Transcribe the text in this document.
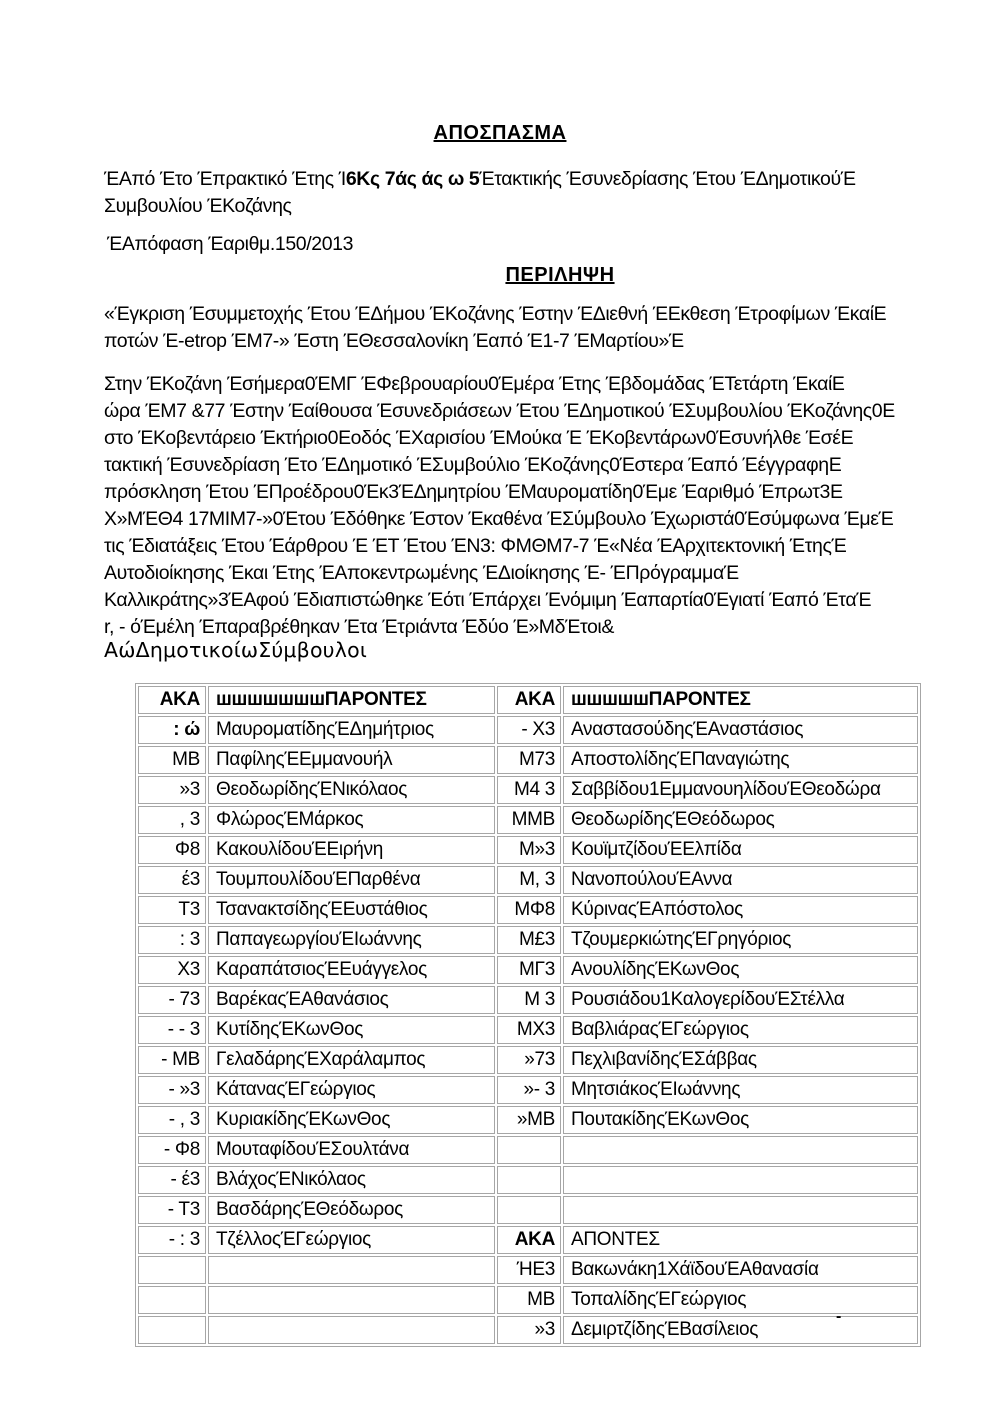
ΑΠΟΣΠΑΣΜΑ
ΈΑπό Έτο Έπρακτικό Έτης Ί6Κς 7άς άς ω 5Έτακτικής Έσυνεδρίασης Έτου ΈΔημοτικούΈ
Συμβουλίου ΈΚοζάνης
ΈΑπόφαση Έαριθμ.150/2013
ΠΕΡΙΛΗΨΗ
«Έγκριση Έσυμμετοχής Έτου ΈΔήμου ΈΚοζάνης Έστην ΈΔιεθνή ΈΕκθεση Έτροφίμων ΈκαίΕ
ποτών Έ-etrop ΈΜ7-» Έστη ΈΘεσσαλονίκη Έαπό Έ1-7 ΈΜαρτίου»Έ
Στην ΈΚοζάνη Έσήμερα0ΈΜΓ ΈΦεβρουαρίου0Έμέρα Έτης Έβδομάδας ΈΤετάρτη ΈκαίΕ
ώρα ΈΜ7 &77 Έστην Έαίθουσα Έσυνεδριάσεων Έτου ΈΔημοτικού ΈΣυμβουλίου ΈΚοζάνης0Ε
στο ΈΚοβεντάρειο Έκτήριο0Εοδός ΈΧαρισίου ΈΜούκα Έ ΈΚοβεντάρων0Έσυνήλθε ΈσέΕ
τακτική Έσυνεδρίαση Έτο ΈΔημοτικό ΈΣυμβούλιο ΈΚοζάνης0Έστερα Έαπό ΈέγγραφηΕ
πρόσκληση Έτου ΈΠροέδρου0Έκ3ΈΔημητρίου ΈΜαυροματίδη0Έμε Έαριθμό Έπρωτ3Ε
Χ»ΜΈΘ4 17ΜΙΜ7-»0Έτου Έδόθηκε Έστον Έκαθένα ΈΣύμβουλο Έχωριστά0Έσύμφωνα ΈμεΈ
τις Έδιατάξεις Έτου Έάρθρου Έ ΈΤ Έτου ΈΝ3: ΦΜΘΜ7-7 Έ«Νέα ΈΑρχιτεκτονική ΈτηςΈ
Αυτοδιοίκησης Έκαι Έτης ΈΑποκεντρωμένης ΈΔιοίκησης Έ- ΈΠρόγραμμαΈ
Καλλικράτης»3ΈΑφού Έδιαπιστώθηκε Έότι Έπάρχει Ένόμιμη Έαπαρτία0Έγιατί Έαπό ΈταΈ
r, - όΈμέλη Έπαραβρέθηκαν Έτα Έτριάντα Έδύο Έ»ΜδΈτοι&
ΑώΔημοτικοίωΣύμβουλοι
ΑΚΑ	шшшшшшшΠΑΡΟΝΤΕΣ	ΑΚΑ	шшшшшΠΑΡΟΝΤΕΣ
: ώ	ΜαυροματίδηςΈΔημήτριος	- Χ3	ΑναστασούδηςΈΑναστάσιος
ΜΒ	ΠαφίληςΈΕμμανουήλ	Μ73	ΑποστολίδηςΈΠαναγιώτης
»3	ΘεοδωρίδηςΈΝικόλαος	Μ4 3	Σαββίδου1ΕμμανουηλίδουΈΘεοδώρα
, 3	ΦλώροςΈΜάρκος	ΜΜΒ	ΘεοδωρίδηςΈΘεόδωρος
Φ8	ΚακουλίδουΈΕιρήνη	Μ»3	ΚουϊμτζίδουΈΕλπίδα
έ3	ΤουμπουλίδουΈΠαρθένα	Μ, 3	ΝανοπούλουΈΑννα
Τ3	ΤσανακτσίδηςΈΕυστάθιος	ΜΦ8	ΚύριναςΈΑπόστολος
: 3	ΠαπαγεωργίουΈΙωάννης	Μ£3	ΤζουμερκιώτηςΈΓρηγόριος
Χ3	ΚαραπάτσιοςΈΕυάγγελος	ΜΓ3	ΑνουλίδηςΈΚωνΘος
- 73	ΒαρέκαςΈΑθανάσιος	Μ 3	Ρουσιάδου1ΚαλογερίδουΈΣτέλλα
- - 3	ΚυτίδηςΈΚωνΘος	ΜΧ3	ΒαβλιάραςΈΓεώργιος
- ΜΒ	ΓελαδάρηςΈΧαράλαμπος	»73	ΠεχλιβανίδηςΈΣάββας
- »3	ΚάταναςΈΓεώργιος	»- 3	ΜητσιάκοςΈΙωάννης
- , 3	ΚυριακίδηςΈΚωνΘος	»ΜΒ	ΠουτακίδηςΈΚωνΘος
- Φ8	ΜουταφίδουΈΣουλτάνα		
- έ3	ΒλάχοςΈΝικόλαος		
- Τ3	ΒασδάρηςΈΘεόδωρος		
- : 3	ΤζέλλοςΈΓεώργιος	ΑΚΑ	ΑΠΟΝΤΕΣ
		ΉΕ3	Βακωνάκη1ΧάϊδουΈΑθανασία
		ΜΒ	ΤοπαλίδηςΈΓεώργιος
		»3	ΔεμιρτζίδηςΈΒασίλειος
-
